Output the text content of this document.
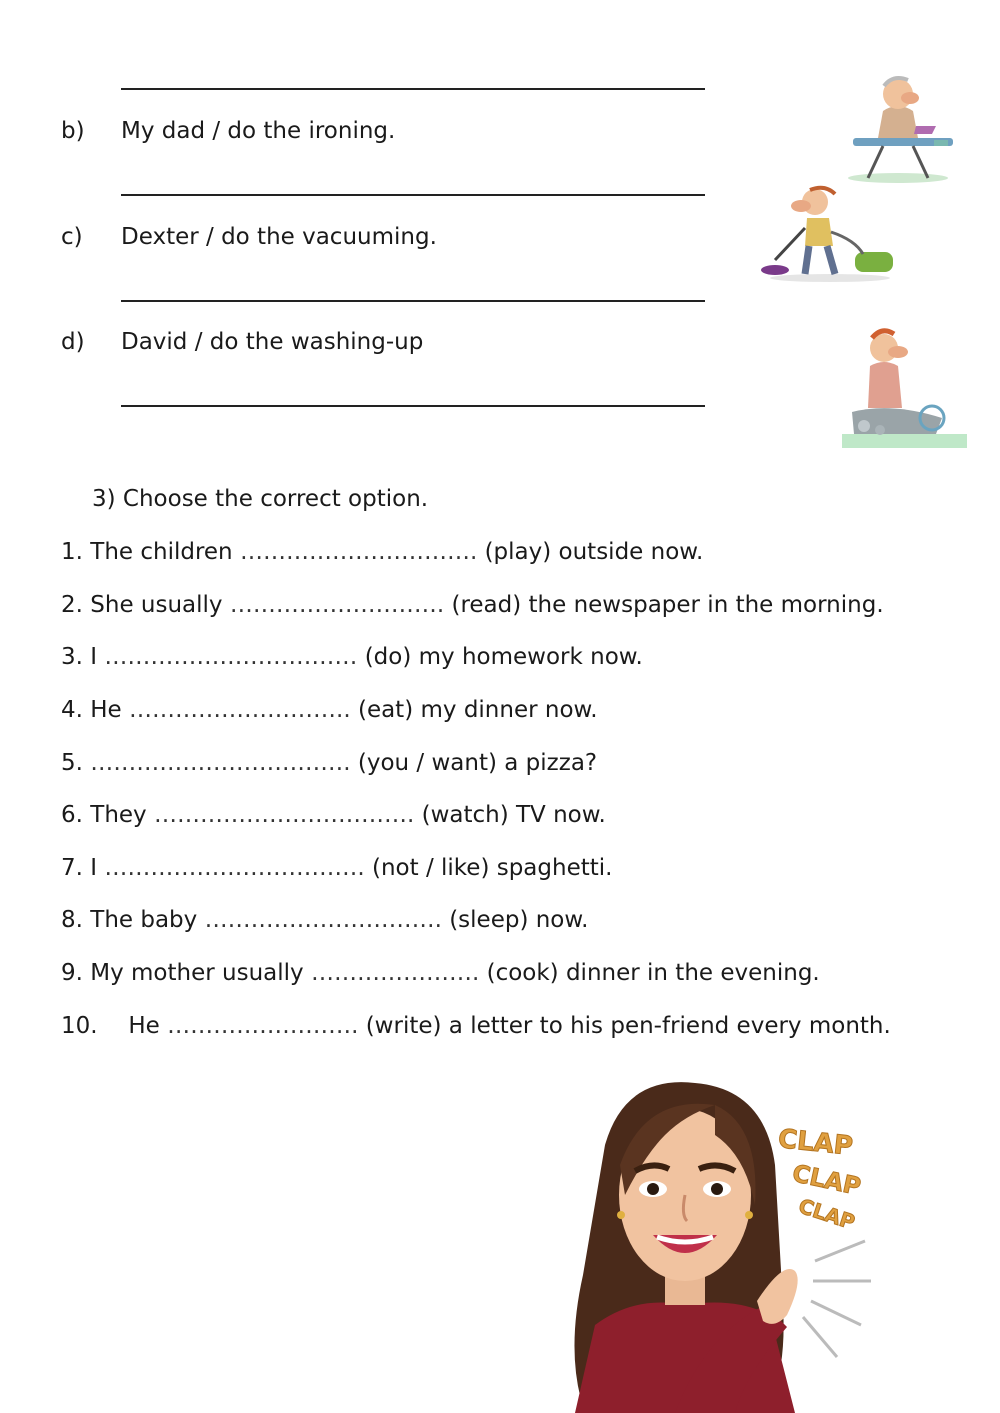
b) My dad / do the ironing.
c) Dexter / do the vacuuming.
d) David / do the washing-up
3) Choose the correct option.
1. The children …………………………. (play) outside now.
2. She usually ………………………. (read) the newspaper in the morning.
3. I …………………………… (do) my homework now.
4. He ……………………….. (eat) my dinner now.
5. ……………………………. (you / want) a pizza?
6. They ……………………………. (watch) TV now.
7. I ……………………………. (not / like) spaghetti.
8. The baby …………………………. (sleep) now.
9. My mother usually …………………. (cook) dinner in the evening.
10. He ……………………. (write) a letter to his pen-friend every month.
CLAP
CLAP
CLAP
